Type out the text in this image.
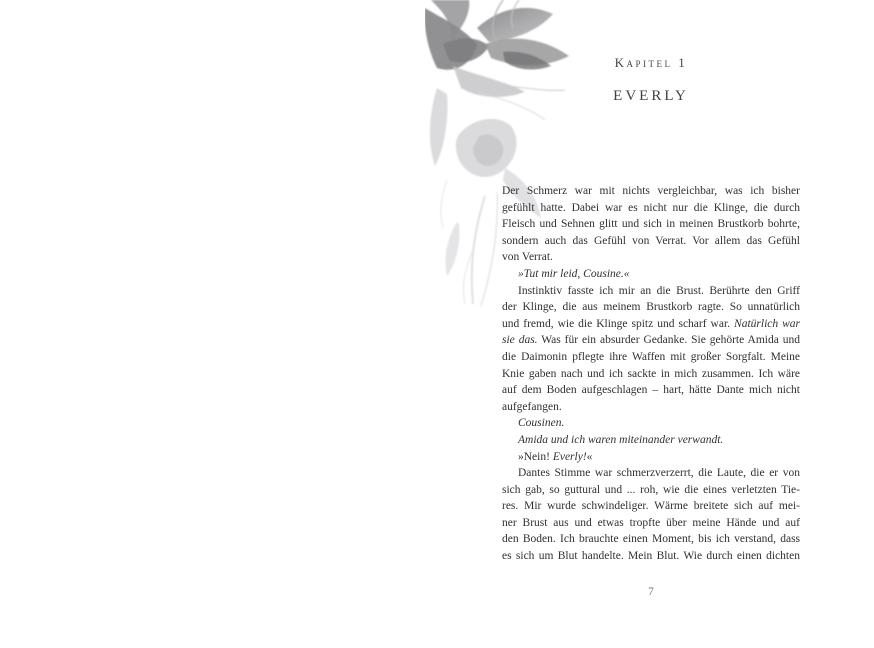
Kapitel 1
EVERLY
Der Schmerz war mit nichts vergleichbar, was ich bisher
gefühlt hatte. Dabei war es nicht nur die Klinge, die durch
Fleisch und Sehnen glitt und sich in meinen Brustkorb bohrte,
sondern auch das Gefühl von Verrat. Vor allem das Gefühl
von Verrat.
»Tut mir leid, Cousine.«
Instinktiv fasste ich mir an die Brust. Berührte den Griff
der Klinge, die aus meinem Brustkorb ragte. So unnatürlich
und fremd, wie die Klinge spitz und scharf war. Natürlich war
sie das. Was für ein absurder Gedanke. Sie gehörte Amida und
die Daimonin pflegte ihre Waffen mit großer Sorgfalt. Meine
Knie gaben nach und ich sackte in mich zusammen. Ich wäre
auf dem Boden aufgeschlagen – hart, hätte Dante mich nicht
aufgefangen.
Cousinen.
Amida und ich waren miteinander verwandt.
»Nein! Everly!«
Dantes Stimme war schmerzverzerrt, die Laute, die er von
sich gab, so guttural und ... roh, wie die eines verletzten Tie-
res. Mir wurde schwindeliger. Wärme breitete sich auf mei-
ner Brust aus und etwas tropfte über meine Hände und auf
den Boden. Ich brauchte einen Moment, bis ich verstand, dass
es sich um Blut handelte. Mein Blut. Wie durch einen dichten
7
